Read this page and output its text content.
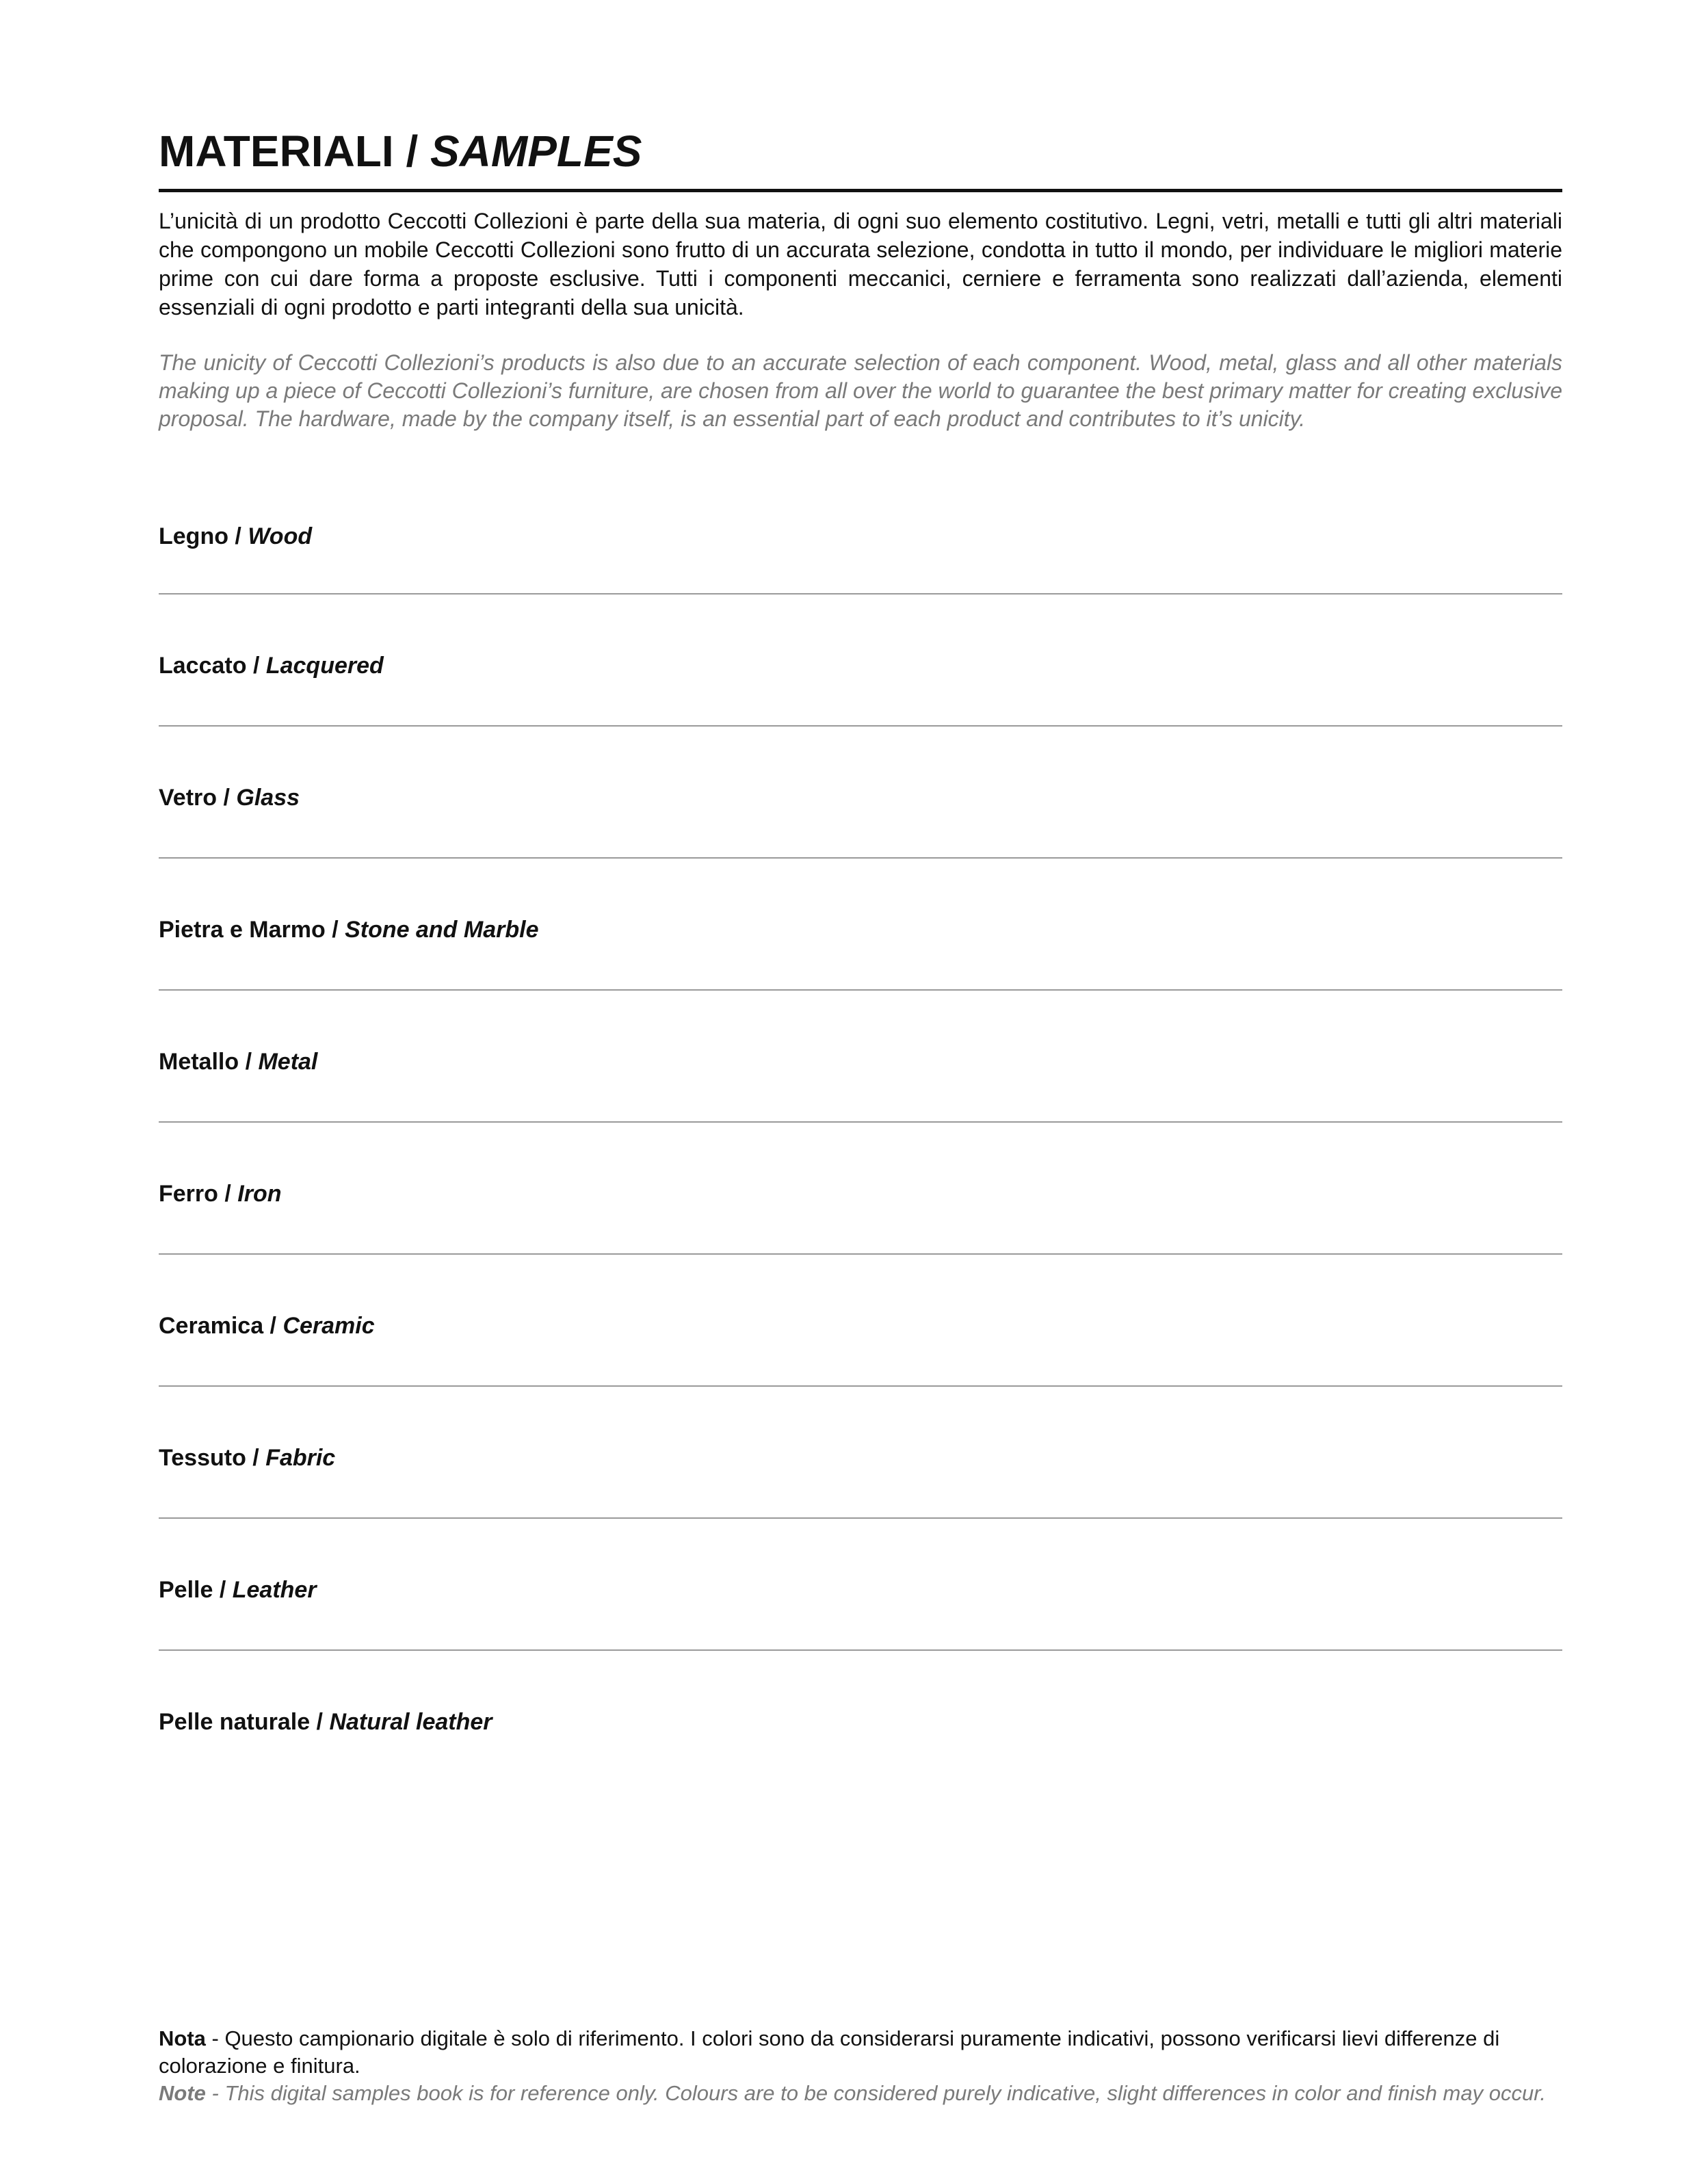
MATERIALI / SAMPLES

L’unicità di un prodotto Ceccotti Collezioni è parte della sua materia, di ogni suo elemento costitutivo. Legni, vetri, metalli e tutti gli altri materiali che compongono un mobile Ceccotti Collezioni sono frutto di un accurata selezione, condotta in tutto il mondo, per individuare le migliori materie prime con cui dare forma a proposte esclusive. Tutti i componenti meccanici, cerniere e ferramenta sono realizzati dall’azienda, elementi essenziali di ogni prodotto e parti integranti della sua unicità.

The unicity of Ceccotti Collezioni’s products is also due to an accurate selection of each component. Wood, metal, glass and all other materials making up a piece of Ceccotti Collezioni’s furniture, are chosen from all over the world to guarantee the best primary matter for creating exclusive proposal. The hardware, made by the company itself, is an essential part of each product and contributes to it’s unicity.

Legno / Wood
Laccato / Lacquered
Vetro / Glass
Pietra e Marmo / Stone and Marble
Metallo / Metal
Ferro / Iron
Ceramica / Ceramic
Tessuto / Fabric
Pelle / Leather
Pelle naturale / Natural leather

Nota - Questo campionario digitale è solo di riferimento. I colori sono da considerarsi puramente indicativi, possono verificarsi lievi differenze di colorazione e finitura.

Note - This digital samples book is for reference only. Colours are to be considered purely indicative, slight differences in color and finish may occur.
